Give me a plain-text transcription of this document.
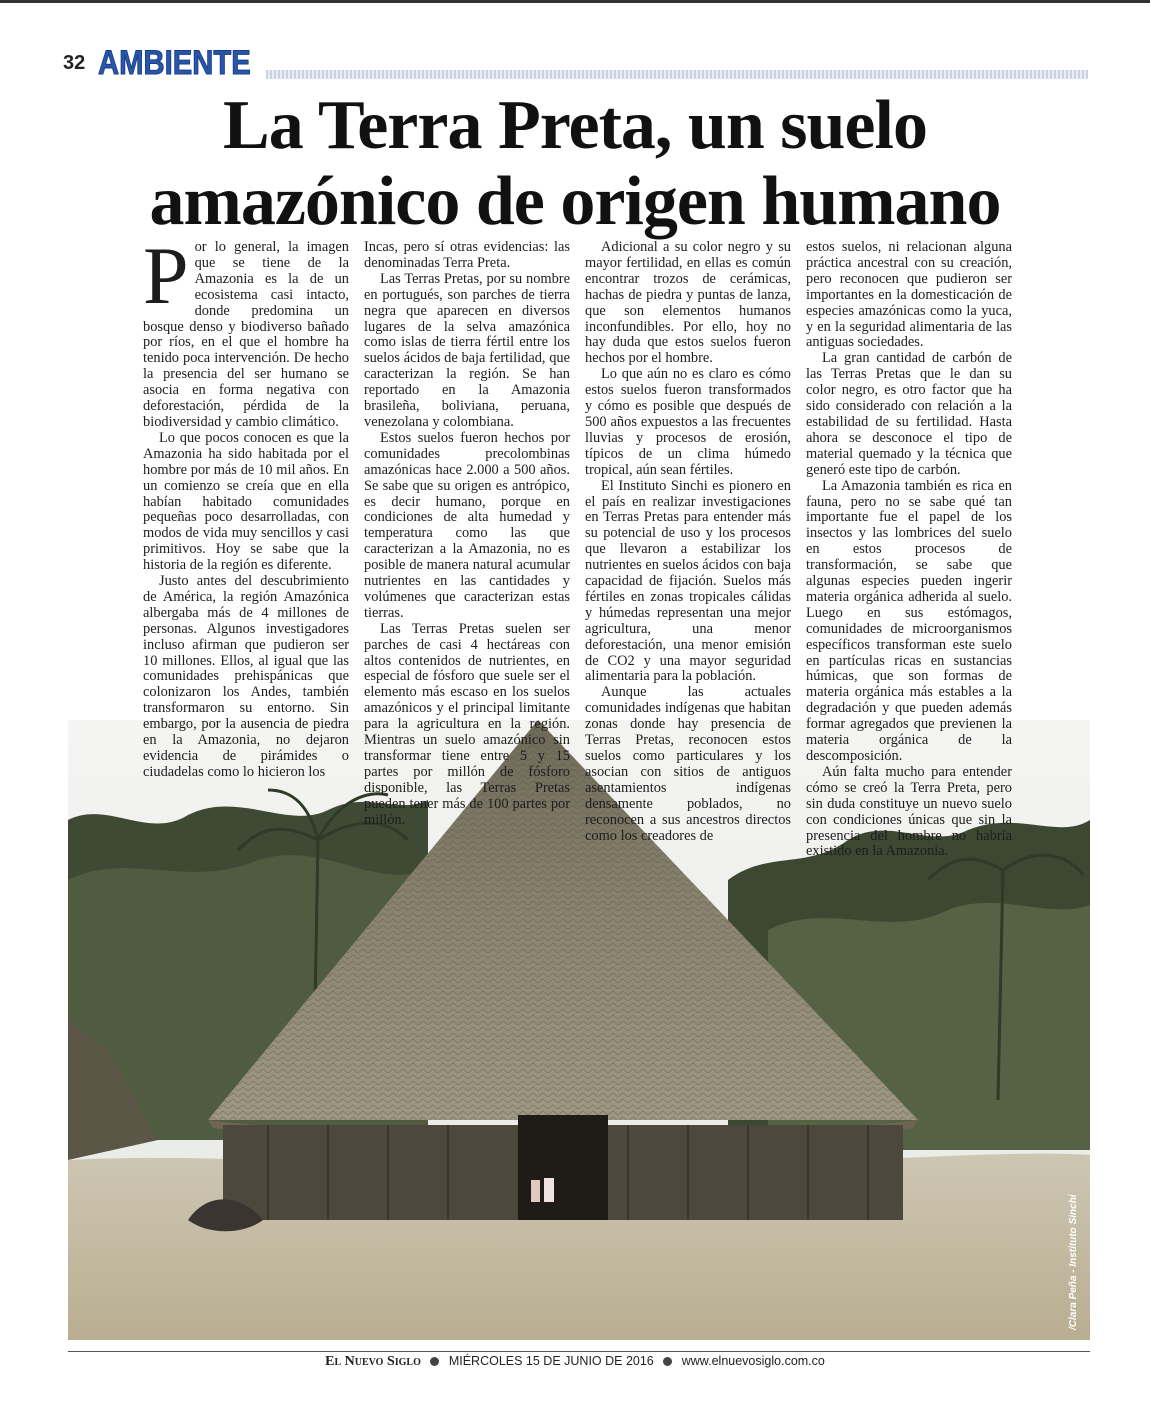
32 AMBIENTE
La Terra Preta, un suelo
amazónico de origen humano
/Clara Peña - Instituto Sinchi

Por lo general, la imagen que se tiene de la Amazonia es la de un ecosistema casi intacto, donde predomina un bosque denso y biodiverso bañado por ríos, en el que el hombre ha tenido poca intervención. De hecho la presencia del ser humano se asocia en forma negativa con deforestación, pérdida de la biodiversidad y cambio climático.

Lo que pocos conocen es que la Amazonia ha sido habitada por el hombre por más de 10 mil años. En un comienzo se creía que en ella habían habitado comunidades pequeñas poco desarrolladas, con modos de vida muy sencillos y casi primitivos. Hoy se sabe que la historia de la región es diferente.

Justo antes del descubrimiento de América, la región Amazónica albergaba más de 4 millones de personas. Algunos investigadores incluso afirman que pudieron ser 10 millones. Ellos, al igual que las comunidades prehispánicas que colonizaron los Andes, también transformaron su entorno. Sin embargo, por la ausencia de piedra en la Amazonia, no dejaron evidencia de pirámides o ciudadelas como lo hicieron los

Incas, pero sí otras evidencias: las denominadas Terra Preta.

Las Terras Pretas, por su nombre en portugués, son parches de tierra negra que aparecen en diversos lugares de la selva amazónica como islas de tierra fértil entre los suelos ácidos de baja fertilidad, que caracterizan la región. Se han reportado en la Amazonia brasileña, boliviana, peruana, venezolana y colombiana.

Estos suelos fueron hechos por comunidades precolombinas amazónicas hace 2.000 a 500 años. Se sabe que su origen es antrópico, es decir humano, porque en condiciones de alta humedad y temperatura como las que caracterizan a la Amazonia, no es posible de manera natural acumular nutrientes en las cantidades y volúmenes que caracterizan estas tierras.

Las Terras Pretas suelen ser parches de casi 4 hectáreas con altos contenidos de nutrientes, en especial de fósforo que suele ser el elemento más escaso en los suelos amazónicos y el principal limitante para la agricultura en la región. Mientras un suelo amazónico sin transformar tiene entre 5 y 15 partes por millón de fósforo disponible, las Terras Pretas pueden tener más de 100 partes por millón.

Adicional a su color negro y su mayor fertilidad, en ellas es común encontrar trozos de cerámicas, hachas de piedra y puntas de lanza, que son elementos humanos inconfundibles. Por ello, hoy no hay duda que estos suelos fueron hechos por el hombre.

Lo que aún no es claro es cómo estos suelos fueron transformados y cómo es posible que después de 500 años expuestos a las frecuentes lluvias y procesos de erosión, típicos de un clima húmedo tropical, aún sean fértiles.

El Instituto Sinchi es pionero en el país en realizar investigaciones en Terras Pretas para entender más su potencial de uso y los procesos que llevaron a estabilizar los nutrientes en suelos ácidos con baja capacidad de fijación. Suelos más fértiles en zonas tropicales cálidas y húmedas representan una mejor agricultura, una menor deforestación, una menor emisión de CO2 y una mayor seguridad alimentaria para la población.

Aunque las actuales comunidades indígenas que habitan zonas donde hay presencia de Terras Pretas, reconocen estos suelos como particulares y los asocian con sitios de antiguos asentamientos indígenas densamente poblados, no reconocen a sus ancestros directos como los creadores de

estos suelos, ni relacionan alguna práctica ancestral con su creación, pero reconocen que pudieron ser importantes en la domesticación de especies amazónicas como la yuca, y en la seguridad alimentaria de las antiguas sociedades.

La gran cantidad de carbón de las Terras Pretas que le dan su color negro, es otro factor que ha sido considerado con relación a la estabilidad de su fertilidad. Hasta ahora se desconoce el tipo de material quemado y la técnica que generó este tipo de carbón.

La Amazonia también es rica en fauna, pero no se sabe qué tan importante fue el papel de los insectos y las lombrices del suelo en estos procesos de transformación, se sabe que algunas especies pueden ingerir materia orgánica adherida al suelo. Luego en sus estómagos, comunidades de microorganismos específicos transforman este suelo en partículas ricas en sustancias húmicas, que son formas de materia orgánica más estables a la degradación y que pueden además formar agregados que previenen la materia orgánica de la descomposición.

Aún falta mucho para entender cómo se creó la Terra Preta, pero sin duda constituye un nuevo suelo con condiciones únicas que sin la presencia del hombre no habría existido en la Amazonia.

El Nuevo Siglo MIÉRCOLES 15 DE JUNIO DE 2016 www.elnuevosiglo.com.co
